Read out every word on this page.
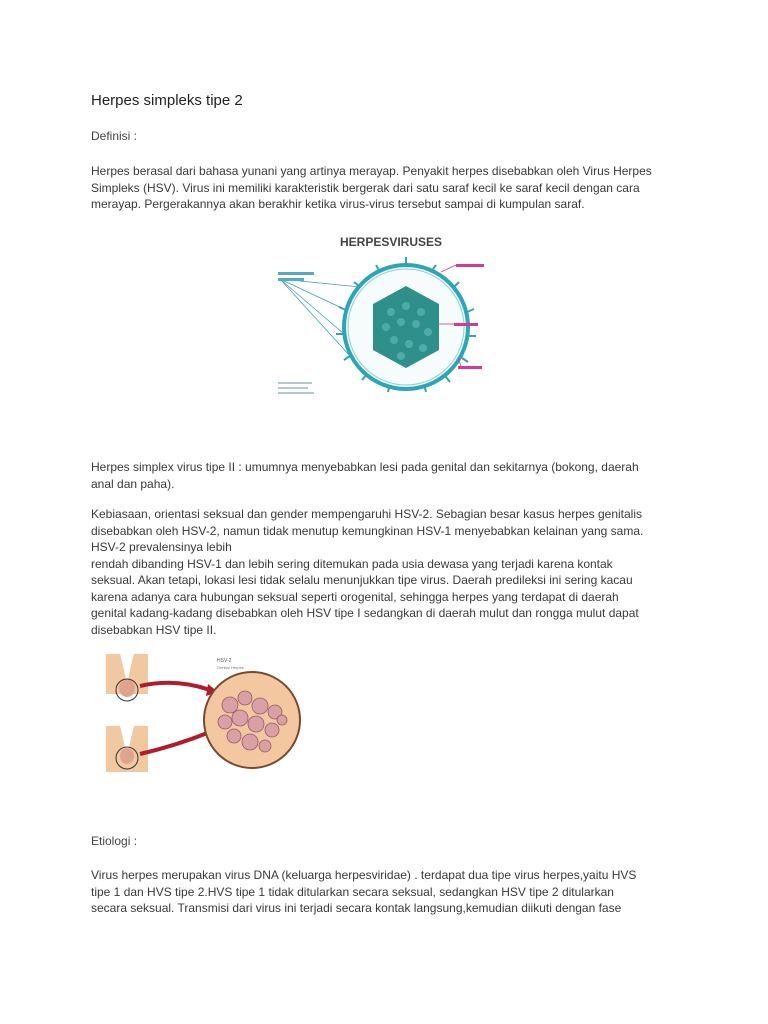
Herpes simpleks tipe 2
Definisi :
Herpes berasal dari bahasa yunani yang artinya merayap. Penyakit herpes disebabkan oleh Virus Herpes
Simpleks (HSV). Virus ini memiliki karakteristik bergerak dari satu saraf kecil ke saraf kecil dengan cara
merayap. Pergerakannya akan berakhir ketika virus-virus tersebut sampai di kumpulan saraf.
Herpes simplex virus tipe II : umumnya menyebabkan lesi pada genital dan sekitarnya (bokong, daerah
anal dan paha).
Kebiasaan, orientasi seksual dan gender mempengaruhi HSV-2. Sebagian besar kasus herpes genitalis
disebabkan oleh HSV-2, namun tidak menutup kemungkinan HSV-1 menyebabkan kelainan yang sama.
HSV-2 prevalensinya lebih
rendah dibanding HSV-1 dan lebih sering ditemukan pada usia dewasa yang terjadi karena kontak
seksual. Akan tetapi, lokasi lesi tidak selalu menunjukkan tipe virus. Daerah predileksi ini sering kacau
karena adanya cara hubungan seksual seperti orogenital, sehingga herpes yang terdapat di daerah
genital kadang-kadang disebabkan oleh HSV tipe I sedangkan di daerah mulut dan rongga mulut dapat
disebabkan HSV tipe II.
Etiologi :
Virus herpes merupakan virus DNA (keluarga herpesviridae) . terdapat dua tipe virus herpes,yaitu HVS
tipe 1 dan HVS tipe 2.HVS tipe 1 tidak ditularkan secara seksual, sedangkan HSV tipe 2 ditularkan
secara seksual. Transmisi dari virus ini terjadi secara kontak langsung,kemudian diikuti dengan fase
HERPESVIRUSES
HSV-2
Genital Herpes
